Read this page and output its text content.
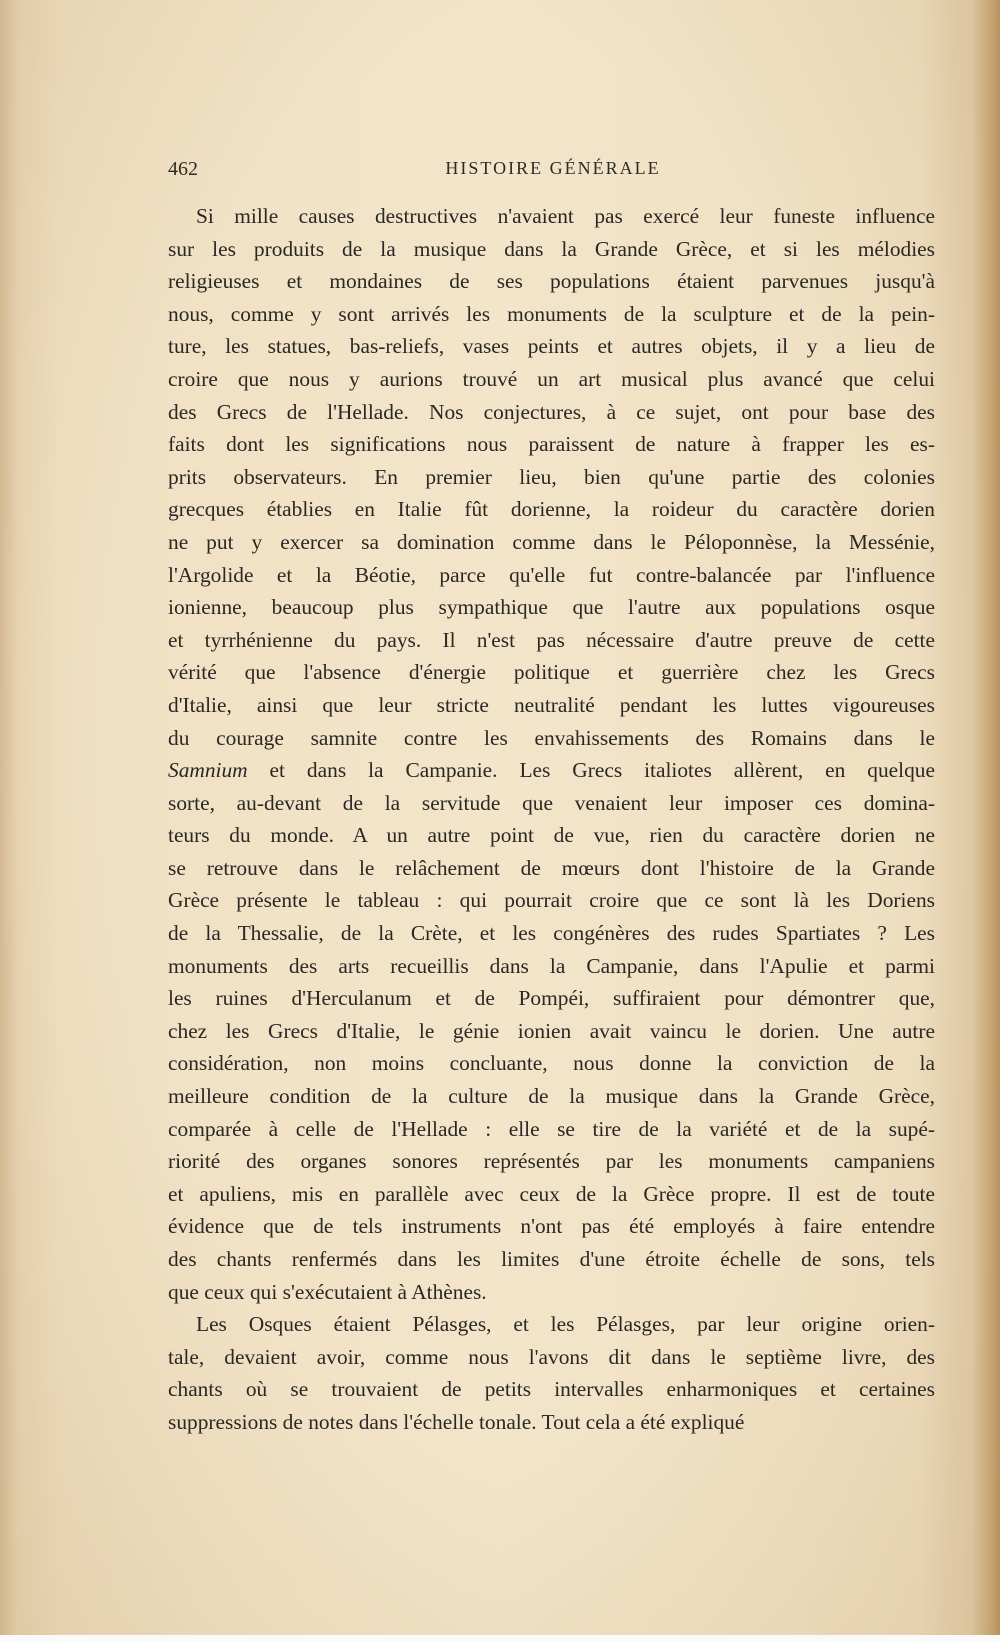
462	HISTOIRE GÉNÉRALE
Si mille causes destructives n'avaient pas exercé leur funeste influence
sur les produits de la musique dans la Grande Grèce, et si les mélodies
religieuses et mondaines de ses populations étaient parvenues jusqu'à
nous, comme y sont arrivés les monuments de la sculpture et de la pein-
ture, les statues, bas-reliefs, vases peints et autres objets, il y a lieu de
croire que nous y aurions trouvé un art musical plus avancé que celui
des Grecs de l'Hellade. Nos conjectures, à ce sujet, ont pour base des
faits dont les significations nous paraissent de nature à frapper les es-
prits observateurs. En premier lieu, bien qu'une partie des colonies
grecques établies en Italie fût dorienne, la roideur du caractère dorien
ne put y exercer sa domination comme dans le Péloponnèse, la Messénie,
l'Argolide et la Béotie, parce qu'elle fut contre-balancée par l'influence
ionienne, beaucoup plus sympathique que l'autre aux populations osque
et tyrrhénienne du pays. Il n'est pas nécessaire d'autre preuve de cette
vérité que l'absence d'énergie politique et guerrière chez les Grecs
d'Italie, ainsi que leur stricte neutralité pendant les luttes vigoureuses
du courage samnite contre les envahissements des Romains dans le
Samnium et dans la Campanie. Les Grecs italiotes allèrent, en quelque
sorte, au-devant de la servitude que venaient leur imposer ces domina-
teurs du monde. A un autre point de vue, rien du caractère dorien ne
se retrouve dans le relâchement de mœurs dont l'histoire de la Grande
Grèce présente le tableau : qui pourrait croire que ce sont là les Doriens
de la Thessalie, de la Crète, et les congénères des rudes Spartiates ? Les
monuments des arts recueillis dans la Campanie, dans l'Apulie et parmi
les ruines d'Herculanum et de Pompéi, suffiraient pour démontrer que,
chez les Grecs d'Italie, le génie ionien avait vaincu le dorien. Une autre
considération, non moins concluante, nous donne la conviction de la
meilleure condition de la culture de la musique dans la Grande Grèce,
comparée à celle de l'Hellade : elle se tire de la variété et de la supé-
riorité des organes sonores représentés par les monuments campaniens
et apuliens, mis en parallèle avec ceux de la Grèce propre. Il est de toute
évidence que de tels instruments n'ont pas été employés à faire entendre
des chants renfermés dans les limites d'une étroite échelle de sons, tels
que ceux qui s'exécutaient à Athènes.
Les Osques étaient Pélasges, et les Pélasges, par leur origine orien-
tale, devaient avoir, comme nous l'avons dit dans le septième livre, des
chants où se trouvaient de petits intervalles enharmoniques et certaines
suppressions de notes dans l'échelle tonale. Tout cela a été expliqué
